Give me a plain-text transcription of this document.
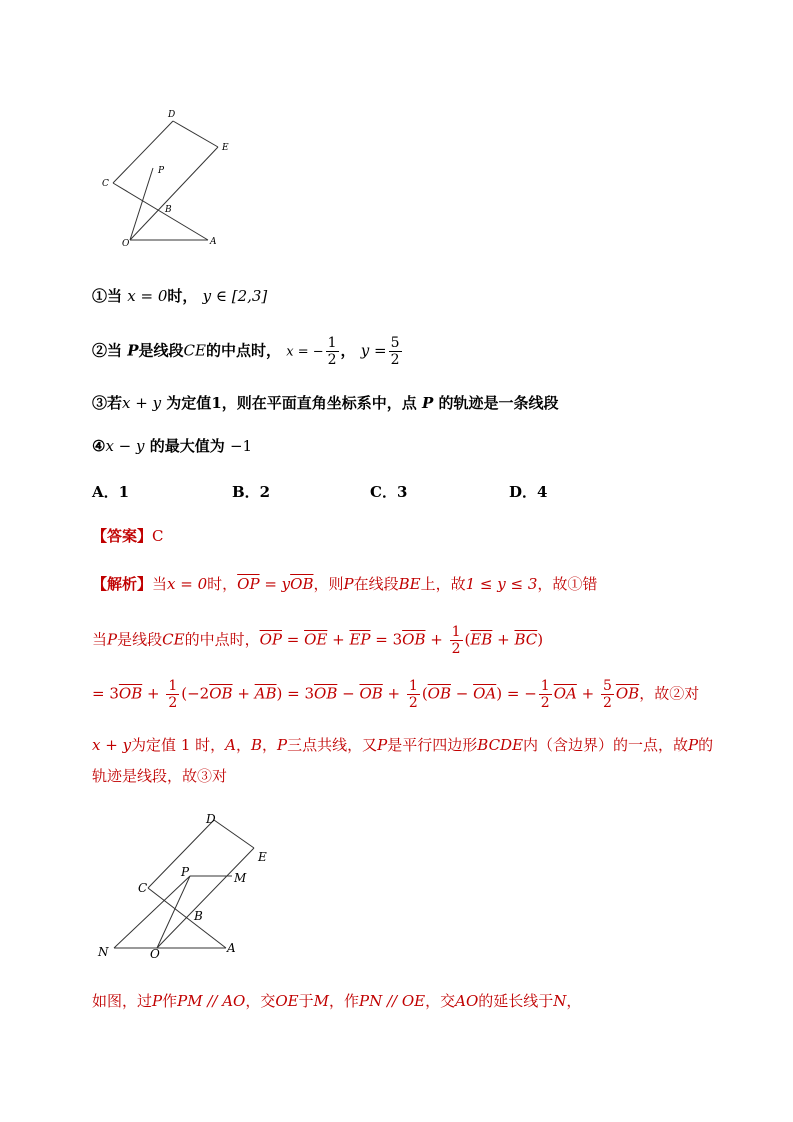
D
E
C
P
B
O	A
①当 x = 0时， y ∈ [2,3]
②当 P是线段CE的中点时， x = − $\frac{1}{2}$ ， $y = \frac{5}{2}$
③若x + y 为定值1，则在平面直角坐标系中，点 P 的轨迹是一条线段
④x − y 的最大值为 −1
A．1	B．2	C．3	D．4
【答案】C
【解析】当x = 0时，$\overline{OP} = y\overline{OB}$，则P在线段BE上，故1 ≤ y ≤ 3，故①错
当P是线段CE的中点时，$\overline{OP} = \overline{OE} + \overline{EP} = 3\overline{OB} + \frac{1}{2} (\overline{EB} + \overline{BC})$
= $3\overline{OB} + \frac{1}{2} (-2\overline{OB} + \overline{AB}) = 3\overline{OB} - \overline{OB} + \frac{1}{2} (\overline{OB} - \overline{OA})$ = − $\frac{1}{2} \overline{OA} + \frac{5}{2} \overline{OB}$，故②对
x + y为定值 1 时，A，B，P三点共线，又P是平行四边形BCDE内（含边界）的一点，故P的
轨迹是线段，故③对
D
E
C
P	M
B
N	O	A
如图，过P作PM // AO，交OE于M，作PN // OE，交AO的延长线于N，
